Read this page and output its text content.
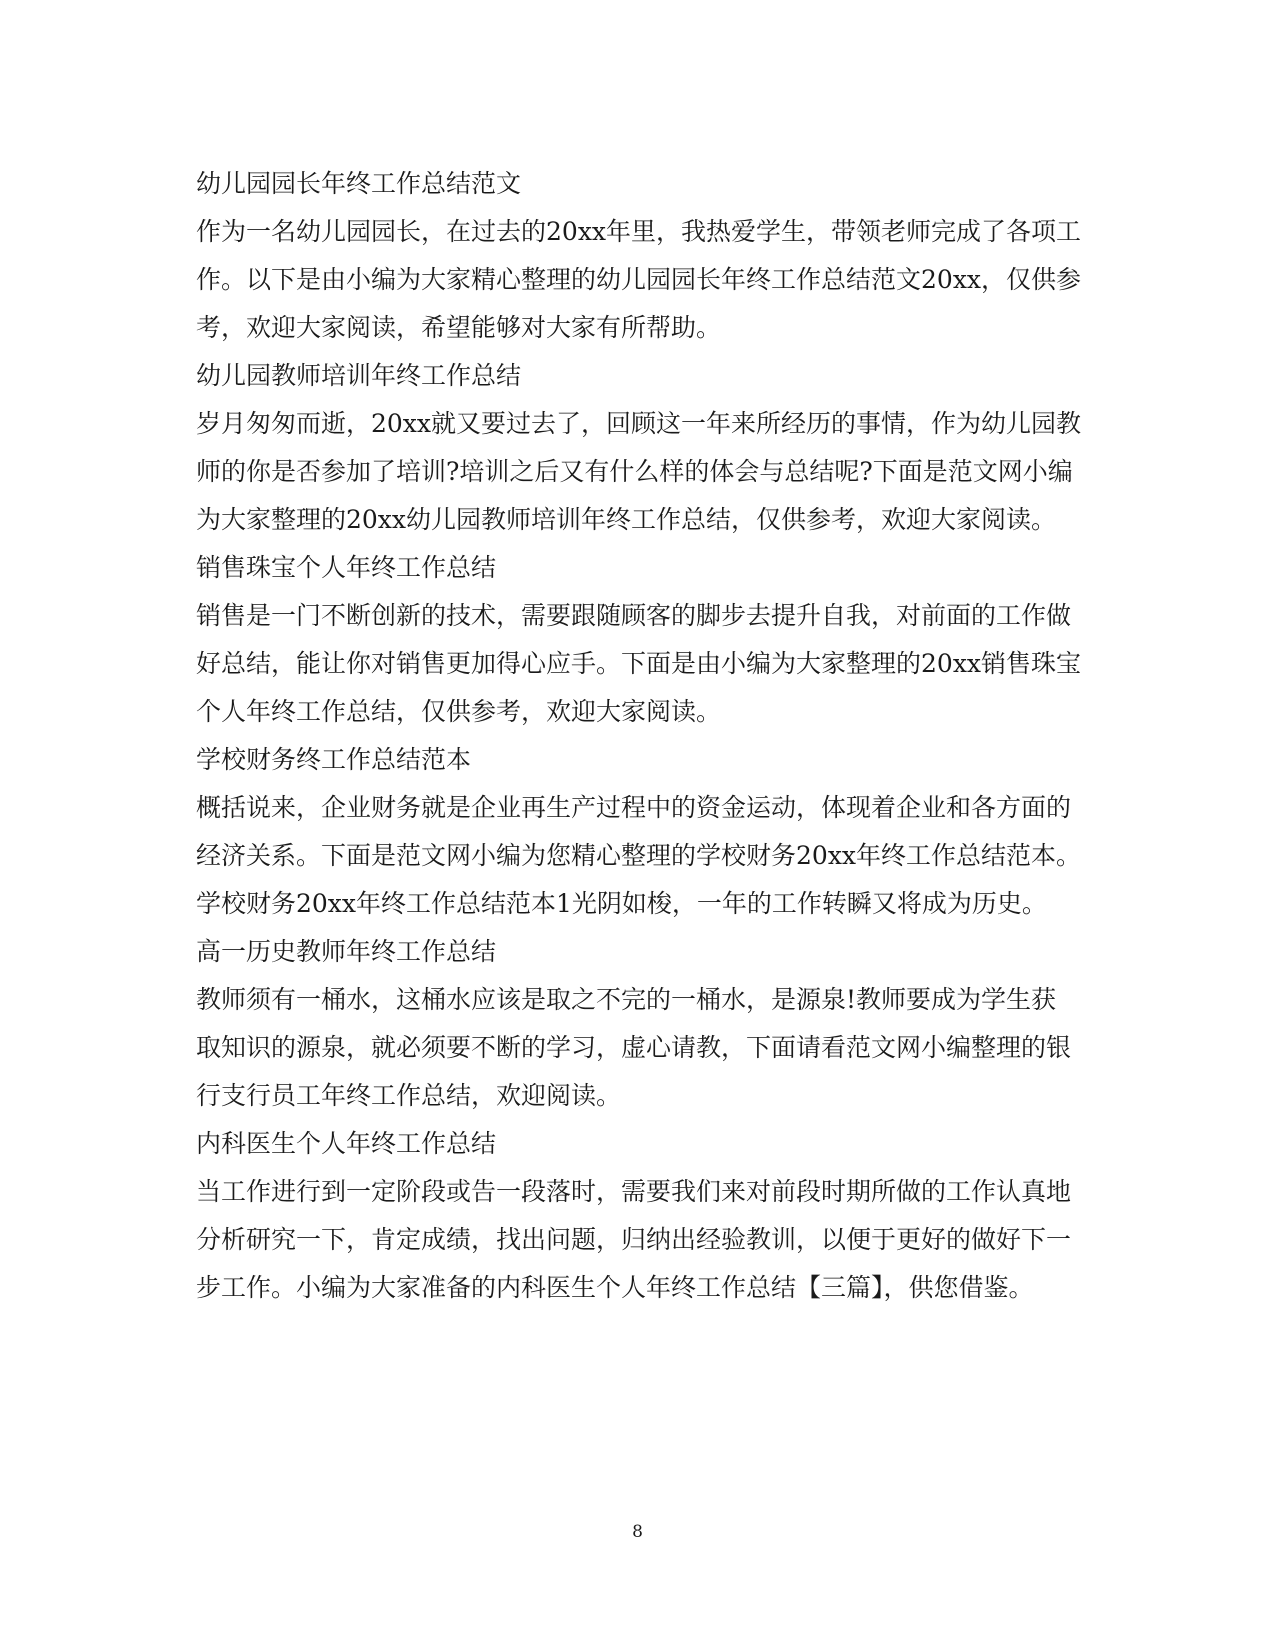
幼儿园园长年终工作总结范文

作为一名幼儿园园长，在过去的20xx年里，我热爱学生，带领老师完成了各项工

作。以下是由小编为大家精心整理的幼儿园园长年终工作总结范文20xx，仅供参

考，欢迎大家阅读，希望能够对大家有所帮助。

幼儿园教师培训年终工作总结

岁月匆匆而逝，20xx就又要过去了，回顾这一年来所经历的事情，作为幼儿园教

师的你是否参加了培训?培训之后又有什么样的体会与总结呢?下面是范文网小编

为大家整理的20xx幼儿园教师培训年终工作总结，仅供参考，欢迎大家阅读。

销售珠宝个人年终工作总结

销售是一门不断创新的技术，需要跟随顾客的脚步去提升自我，对前面的工作做

好总结，能让你对销售更加得心应手。下面是由小编为大家整理的20xx销售珠宝

个人年终工作总结，仅供参考，欢迎大家阅读。

学校财务终工作总结范本

概括说来，企业财务就是企业再生产过程中的资金运动，体现着企业和各方面的

经济关系。下面是范文网小编为您精心整理的学校财务20xx年终工作总结范本。

学校财务20xx年终工作总结范本1光阴如梭，一年的工作转瞬又将成为历史。

高一历史教师年终工作总结

教师须有一桶水，这桶水应该是取之不完的一桶水，是源泉!教师要成为学生获

取知识的源泉，就必须要不断的学习，虚心请教，下面请看范文网小编整理的银

行支行员工年终工作总结，欢迎阅读。

内科医生个人年终工作总结

当工作进行到一定阶段或告一段落时，需要我们来对前段时期所做的工作认真地

分析研究一下，肯定成绩，找出问题，归纳出经验教训，以便于更好的做好下一

步工作。小编为大家准备的内科医生个人年终工作总结【三篇】，供您借鉴。

8
